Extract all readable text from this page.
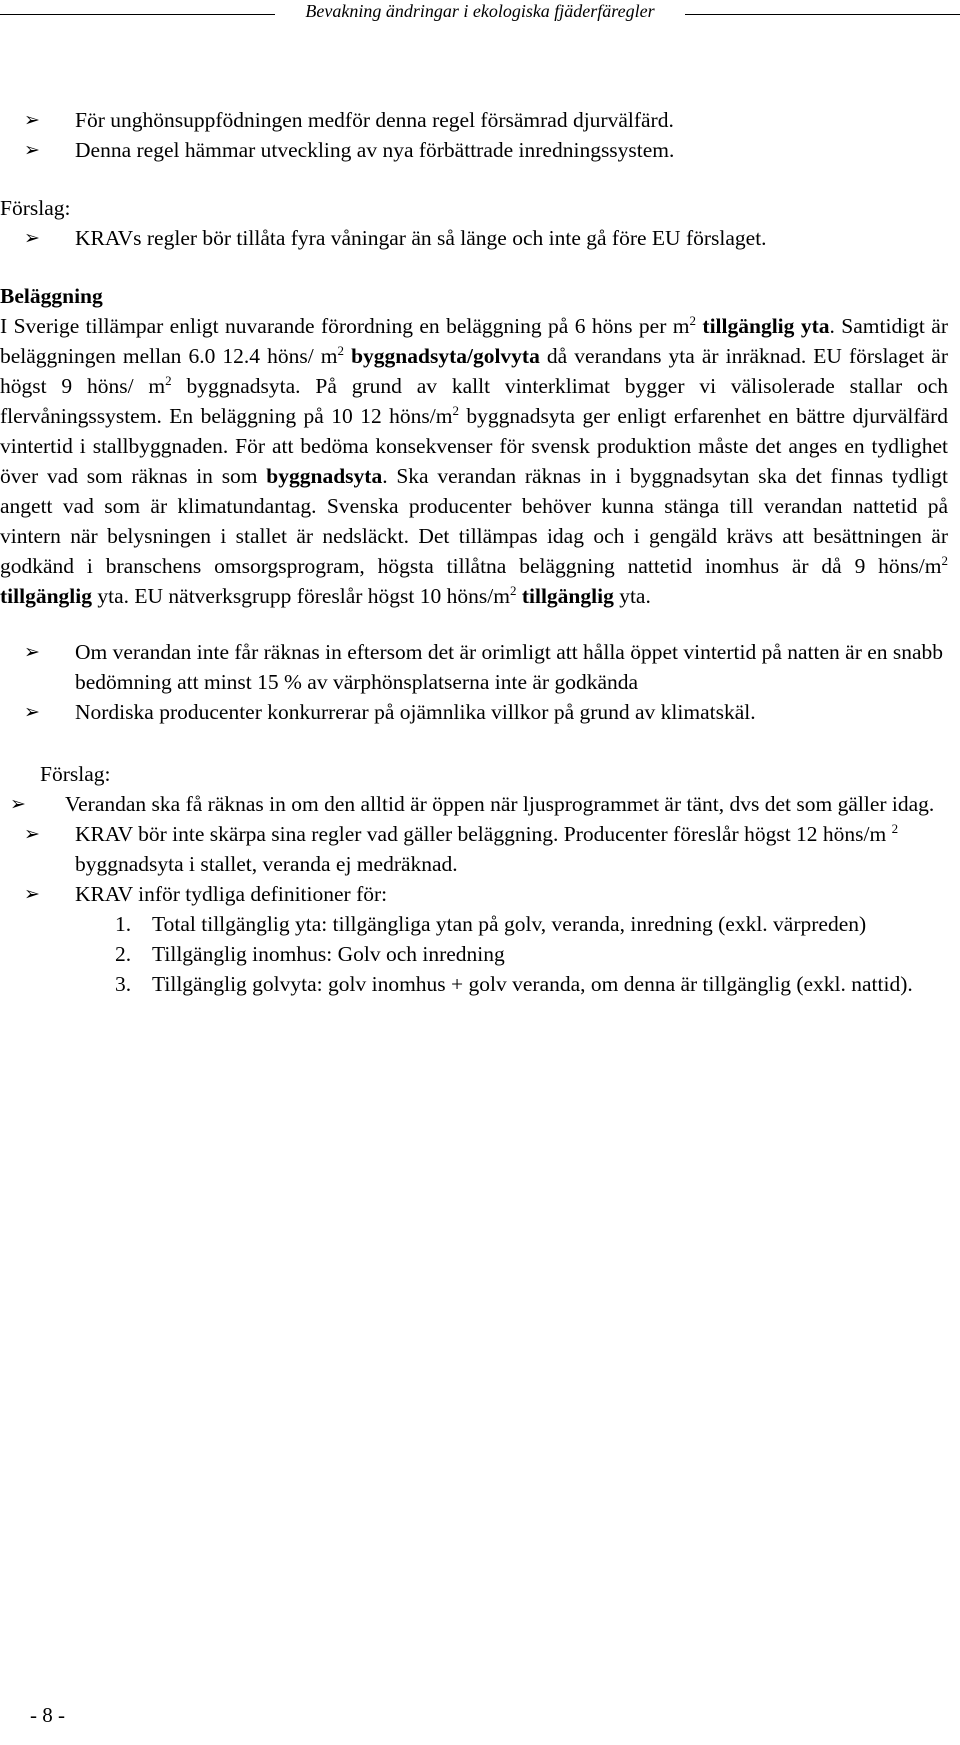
Bevakning ändringar i ekologiska fjäderfäregler
➢	För unghönsuppfödningen medför denna regel försämrad djurvälfärd.
➢	Denna regel hämmar utveckling av nya förbättrade inredningssystem.
Förslag:
➢	KRAVs regler bör tillåta fyra våningar än så länge och inte gå före EU förslaget.
Beläggning
I Sverige tillämpar enligt nuvarande förordning en beläggning på 6 höns per $m^2$ tillgänglig yta. Samtidigt är beläggningen mellan 6.0 12.4 höns/ $m^2$ byggnadsyta/golvyta då verandans yta är inräknad. EU förslaget är högst 9 höns/ $m^2$ byggnadsyta. På grund av kallt vinterklimat bygger vi välisolerade stallar och flervåningssystem. En beläggning på 10 12 höns/$m^2$ byggnadsyta ger enligt erfarenhet en bättre djurvälfärd vintertid i stallbyggnaden. För att bedöma konsekvenser för svensk produktion måste det anges en tydlighet över vad som räknas in som byggnadsyta. Ska verandan räknas in i byggnadsytan ska det finnas tydligt angett vad som är klimatundantag. Svenska producenter behöver kunna stänga till verandan nattetid på vintern när belysningen i stallet är nedsläckt. Det tillämpas idag och i gengäld krävs att besättningen är godkänd i branschens omsorgsprogram, högsta tillåtna beläggning nattetid inomhus är då 9 höns/$m^2$ tillgänglig yta. EU nätverksgrupp föreslår högst 10 höns/$m^2$ tillgänglig yta.
➢	Om verandan inte får räknas in eftersom det är orimligt att hålla öppet vintertid på natten är en snabb bedömning att minst 15 % av värphönsplatserna inte är godkända
➢	Nordiska producenter konkurrerar på ojämnlika villkor på grund av klimatskäl.
Förslag:
➢	Verandan ska få räknas in om den alltid är öppen när ljusprogrammet är tänt, dvs det som gäller idag.
➢	KRAV bör inte skärpa sina regler vad gäller beläggning. Producenter föreslår högst 12 höns/m $^2$ byggnadsyta i stallet, veranda ej medräknad.
➢	KRAV inför tydliga definitioner för:
1. Total tillgänglig yta: tillgängliga ytan på golv, veranda, inredning (exkl. värpreden)
2. Tillgänglig inomhus: Golv och inredning
3. Tillgänglig golvyta: golv inomhus + golv veranda, om denna är tillgänglig (exkl. nattid).
- 8 -
